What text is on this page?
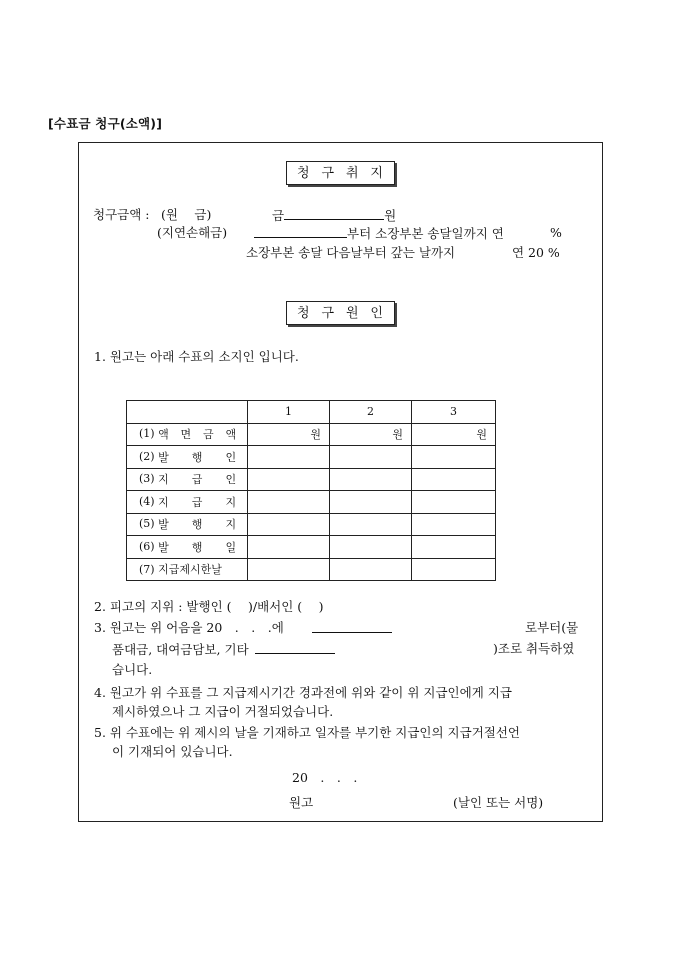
[수표금 청구(소액)]
청 구 취 지
청구금액 : (원　 금)	금	원
(지연손해금)	부터 소장부본 송달일까지 연	%
소장부본 송달 다음날부터 갚는 날까지	연 20 %
청 구 원 인
1. 원고는 아래 수표의 소지인 입니다.
	1	2	3
(1) 액 면 금 액	원	원	원
(2) 발 행 인			

(3) 지 급 인			

(4) 지 급 지			

(5) 발 행 지			

(6) 발 행 일			

(7) 지급제시한날			
2. 피고의 지위 : 발행인 (　 )/배서인 (　 )
3. 원고는 위 어음을 20　.　.　.에	로부터(물
품대금, 대여금담보, 기타	)조로 취득하였
습니다.
4. 원고가 위 수표를 그 지급제시기간 경과전에 위와 같이 위 지급인에게 지급
제시하였으나 그 지급이 거절되었습니다.
5. 위 수표에는 위 제시의 날을 기재하고 일자를 부기한 지급인의 지급거절선언
이 기재되어 있습니다.
20　.　.　.
원고	(날인 또는 서명)
